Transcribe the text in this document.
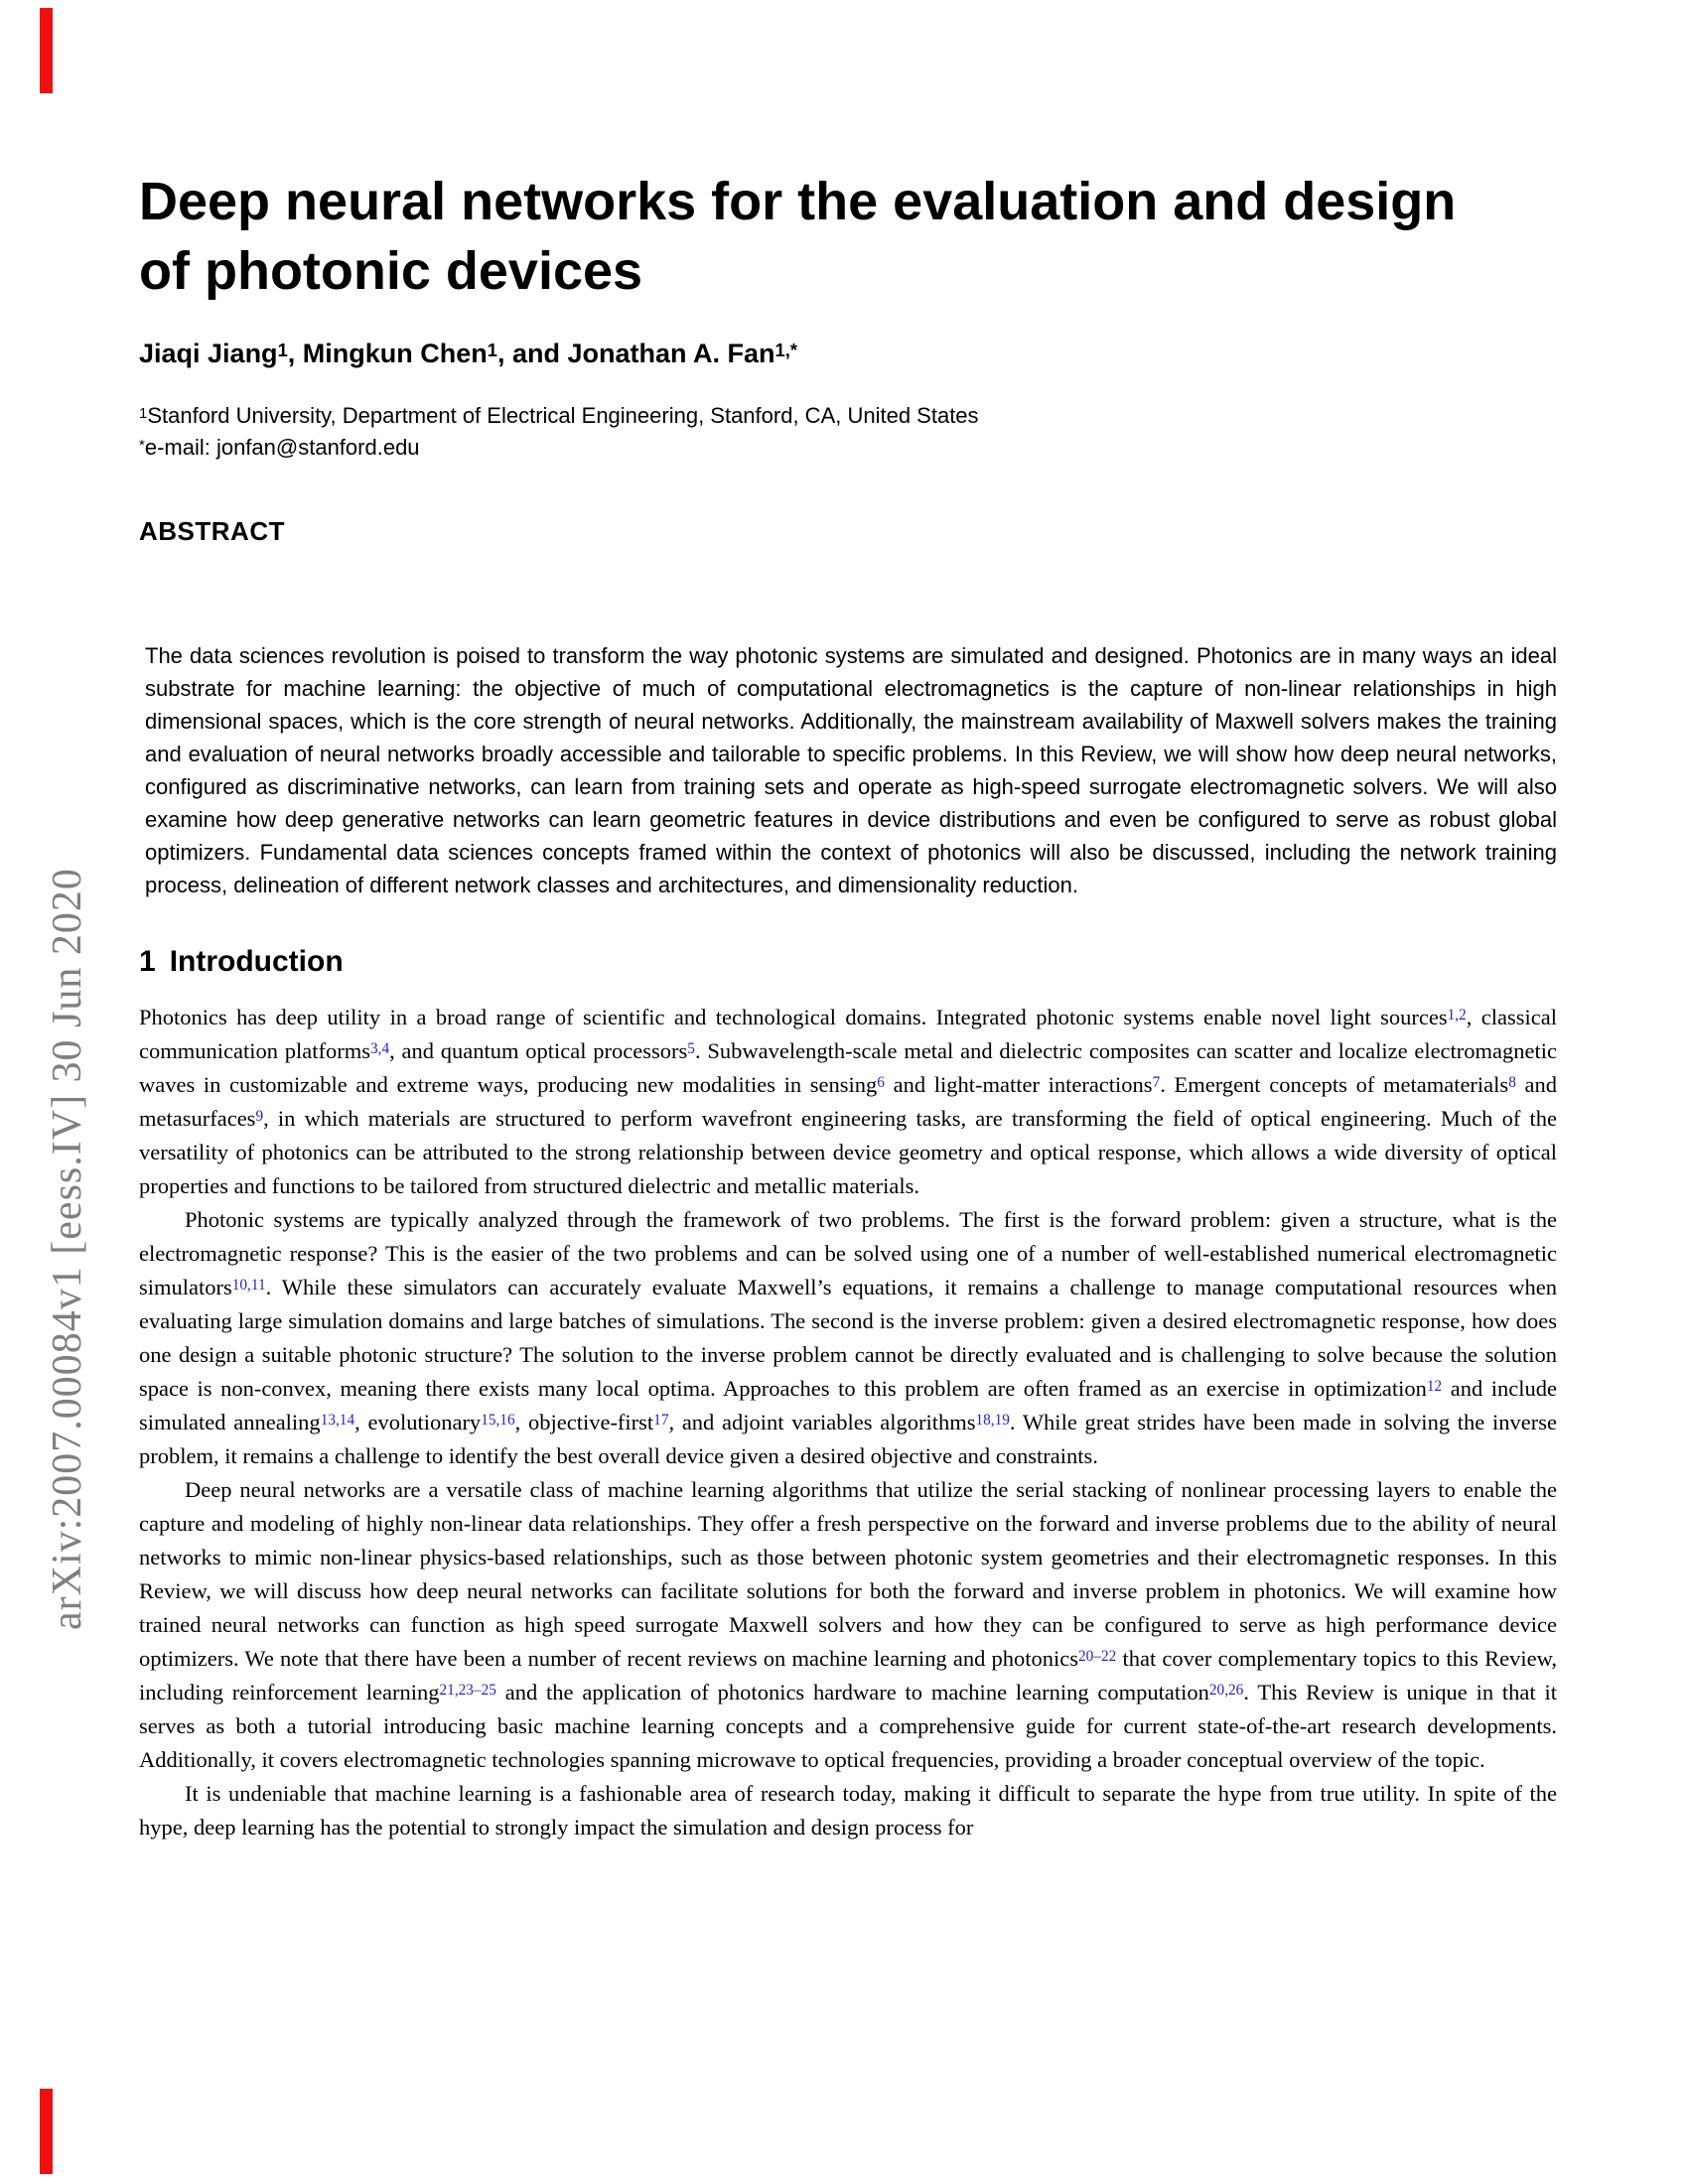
arXiv:2007.00084v1 [eess.IV] 30 Jun 2020
Deep neural networks for the evaluation and design
of photonic devices
Jiaqi Jiang$^1$, Mingkun Chen$^1$, and Jonathan A. Fan$^{1,*}$
$^1$Stanford University, Department of Electrical Engineering, Stanford, CA, United States
*e-mail: jonfan@stanford.edu
ABSTRACT

The data sciences revolution is poised to transform the way photonic systems are simulated and designed. Photonics are in many ways an ideal substrate for machine learning: the objective of much of computational electromagnetics is the capture of non-linear relationships in high dimensional spaces, which is the core strength of neural networks. Additionally, the mainstream availability of Maxwell solvers makes the training and evaluation of neural networks broadly accessible and tailorable to specific problems. In this Review, we will show how deep neural networks, configured as discriminative networks, can learn from training sets and operate as high-speed surrogate electromagnetic solvers. We will also examine how deep generative networks can learn geometric features in device distributions and even be configured to serve as robust global optimizers. Fundamental data sciences concepts framed within the context of photonics will also be discussed, including the network training process, delineation of different network classes and architectures, and dimensionality reduction.

1 Introduction

Photonics has deep utility in a broad range of scientific and technological domains. Integrated photonic systems enable novel light sources$^{1,2}$, classical communication platforms$^{3,4}$, and quantum optical processors$^5$. Subwavelength-scale metal and dielectric composites can scatter and localize electromagnetic waves in customizable and extreme ways, producing new modalities in sensing$^6$ and light-matter interactions$^7$. Emergent concepts of metamaterials$^8$ and metasurfaces$^9$, in which materials are structured to perform wavefront engineering tasks, are transforming the field of optical engineering. Much of the versatility of photonics can be attributed to the strong relationship between device geometry and optical response, which allows a wide diversity of optical properties and functions to be tailored from structured dielectric and metallic materials.

Photonic systems are typically analyzed through the framework of two problems. The first is the forward problem: given a structure, what is the electromagnetic response? This is the easier of the two problems and can be solved using one of a number of well-established numerical electromagnetic simulators$^{10,11}$. While these simulators can accurately evaluate Maxwell’s equations, it remains a challenge to manage computational resources when evaluating large simulation domains and large batches of simulations. The second is the inverse problem: given a desired electromagnetic response, how does one design a suitable photonic structure? The solution to the inverse problem cannot be directly evaluated and is challenging to solve because the solution space is non-convex, meaning there exists many local optima. Approaches to this problem are often framed as an exercise in optimization$^{12}$ and include simulated annealing$^{13,14}$, evolutionary$^{15,16}$, objective-first$^{17}$, and adjoint variables algorithms$^{18,19}$. While great strides have been made in solving the inverse problem, it remains a challenge to identify the best overall device given a desired objective and constraints.

Deep neural networks are a versatile class of machine learning algorithms that utilize the serial stacking of nonlinear processing layers to enable the capture and modeling of highly non-linear data relationships. They offer a fresh perspective on the forward and inverse problems due to the ability of neural networks to mimic non-linear physics-based relationships, such as those between photonic system geometries and their electromagnetic responses. In this Review, we will discuss how deep neural networks can facilitate solutions for both the forward and inverse problem in photonics. We will examine how trained neural networks can function as high speed surrogate Maxwell solvers and how they can be configured to serve as high performance device optimizers. We note that there have been a number of recent reviews on machine learning and photonics$^{20-22}$ that cover complementary topics to this Review, including reinforcement learning$^{21,23-25}$ and the application of photonics hardware to machine learning computation$^{20,26}$. This Review is unique in that it serves as both a tutorial introducing basic machine learning concepts and a comprehensive guide for current state-of-the-art research developments. Additionally, it covers electromagnetic technologies spanning microwave to optical frequencies, providing a broader conceptual overview of the topic.

It is undeniable that machine learning is a fashionable area of research today, making it difficult to separate the hype from true utility. In spite of the hype, deep learning has the potential to strongly impact the simulation and design process for
